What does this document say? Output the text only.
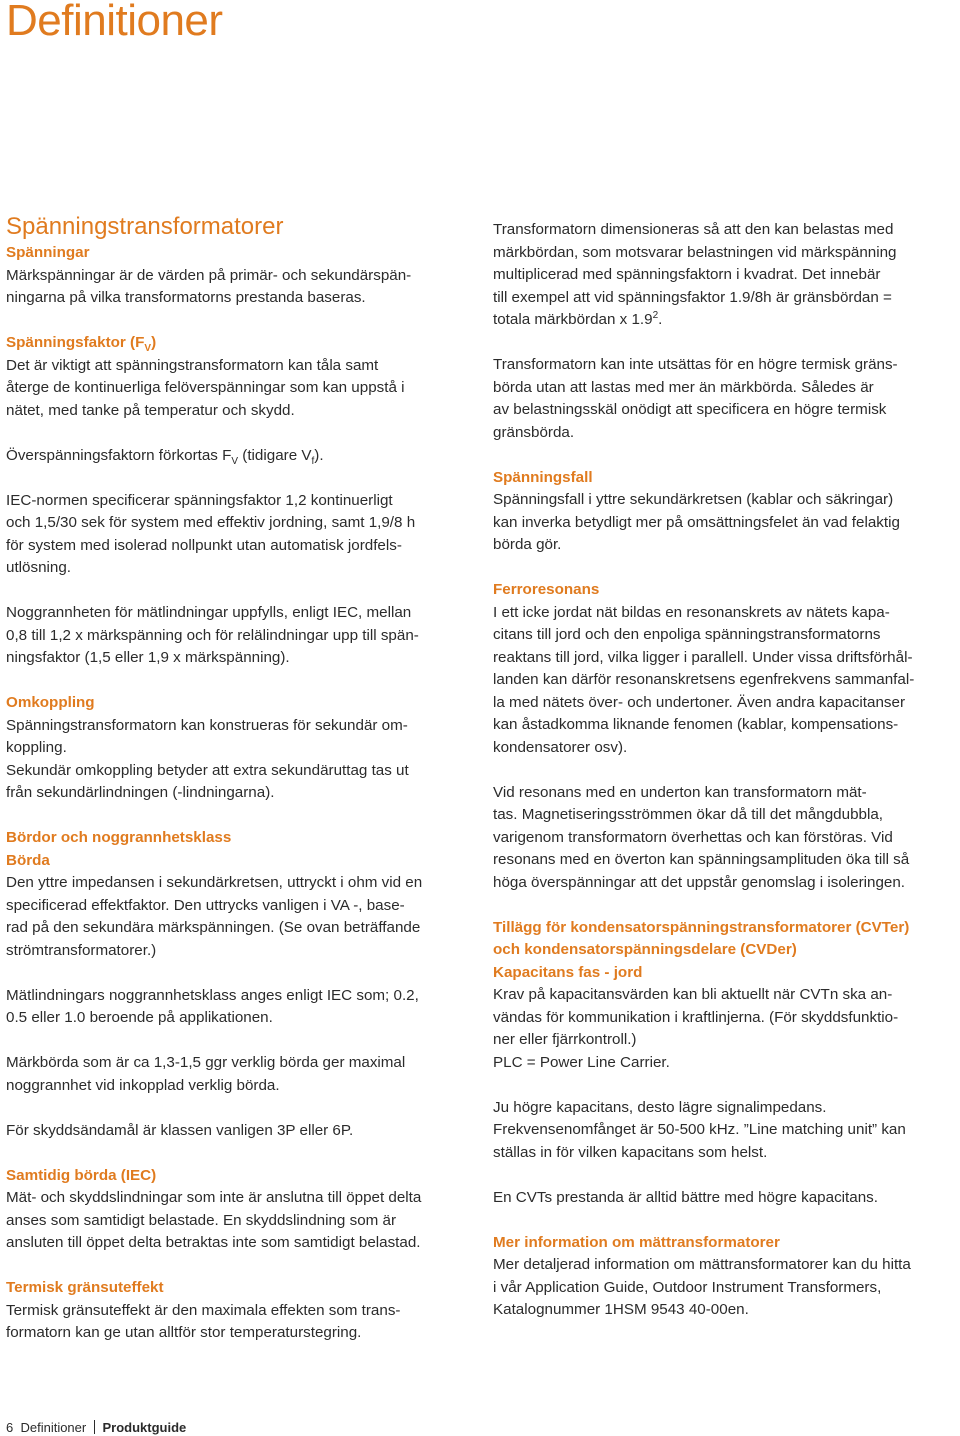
Definitioner
Spänningstransformatorer

Spänningar

Märkspänningar är de värden på primär- och sekundärspän-

ningarna på vilka transformatorns prestanda baseras.

Spänningsfaktor $(F_V)$

Det är viktigt att spänningstransformatorn kan tåla samt

återge de kontinuerliga felöverspänningar som kan uppstå i

nätet, med tanke på temperatur och skydd.

Överspänningsfaktorn förkortas $F_V$ (tidigare $V_f$).

IEC-normen specificerar spänningsfaktor 1,2 kontinuerligt

och 1,5/30 sek för system med effektiv jordning, samt 1,9/8 h

för system med isolerad nollpunkt utan automatisk jordfels-

utlösning.

Noggrannheten för mätlindningar uppfylls, enligt IEC, mellan

0,8 till 1,2 x märkspänning och för relälindningar upp till spän-

ningsfaktor (1,5 eller 1,9 x märkspänning).

Omkoppling

Spänningstransformatorn kan konstrueras för sekundär om-

koppling.

Sekundär omkoppling betyder att extra sekundäruttag tas ut

från sekundärlindningen (-lindningarna).

Bördor och noggrannhetsklass

Börda

Den yttre impedansen i sekundärkretsen, uttryckt i ohm vid en

specificerad effektfaktor. Den uttrycks vanligen i VA -, base-

rad på den sekundära märkspänningen. (Se ovan beträffande

strömtransformatorer.)

Mätlindningars noggrannhetsklass anges enligt IEC som; 0.2,

0.5 eller 1.0 beroende på applikationen.

Märkbörda som är ca 1,3-1,5 ggr verklig börda ger maximal

noggrannhet vid inkopplad verklig börda.

För skyddsändamål är klassen vanligen 3P eller 6P.

Samtidig börda (IEC)

Mät- och skyddslindningar som inte är anslutna till öppet delta

anses som samtidigt belastade. En skyddslindning som är

ansluten till öppet delta betraktas inte som samtidigt belastad.

Termisk gränsuteffekt

Termisk gränsuteffekt är den maximala effekten som trans-

formatorn kan ge utan alltför stor temperaturstegring.

Transformatorn dimensioneras så att den kan belastas med

märkbördan, som motsvarar belastningen vid märkspänning

multiplicerad med spänningsfaktorn i kvadrat. Det innebär

till exempel att vid spänningsfaktor 1.9/8h är gränsbördan =

totala märkbördan x $1.9^2$.

Transformatorn kan inte utsättas för en högre termisk gräns-

börda utan att lastas med mer än märkbörda. Således är

av belastningsskäl onödigt att specificera en högre termisk

gränsbörda.

Spänningsfall

Spänningsfall i yttre sekundärkretsen (kablar och säkringar)

kan inverka betydligt mer på omsättningsfelet än vad felaktig

börda gör.

Ferroresonans

I ett icke jordat nät bildas en resonanskrets av nätets kapa-

citans till jord och den enpoliga spänningstransformatorns

reaktans till jord, vilka ligger i parallell. Under vissa driftsförhål-

landen kan därför resonanskretsens egenfrekvens sammanfal-

la med nätets över- och undertoner. Även andra kapacitanser

kan åstadkomma liknande fenomen (kablar, kompensations-

kondensatorer osv).

Vid resonans med en underton kan transformatorn mät-

tas. Magnetiseringsströmmen ökar då till det mångdubbla,

varigenom transformatorn överhettas och kan förstöras. Vid

resonans med en överton kan spänningsamplituden öka till så

höga överspänningar att det uppstår genomslag i isoleringen.

Tillägg för kondensatorspänningstransformatorer (CVTer)

och kondensatorspänningsdelare (CVDer)

Kapacitans fas - jord

Krav på kapacitansvärden kan bli aktuellt när CVTn ska an-

vändas för kommunikation i kraftlinjerna. (För skyddsfunktio-

ner eller fjärrkontroll.)

PLC = Power Line Carrier.

Ju högre kapacitans, desto lägre signalimpedans.

Frekvensenomfånget är 50-500 kHz. ”Line matching unit” kan

ställas in för vilken kapacitans som helst.

En CVTs prestanda är alltid bättre med högre kapacitans.

Mer information om mättransformatorer

Mer detaljerad information om mättransformatorer kan du hitta

i vår Application Guide, Outdoor Instrument Transformers,

Katalognummer 1HSM 9543 40-00en.

6 Definitioner Produktguide
